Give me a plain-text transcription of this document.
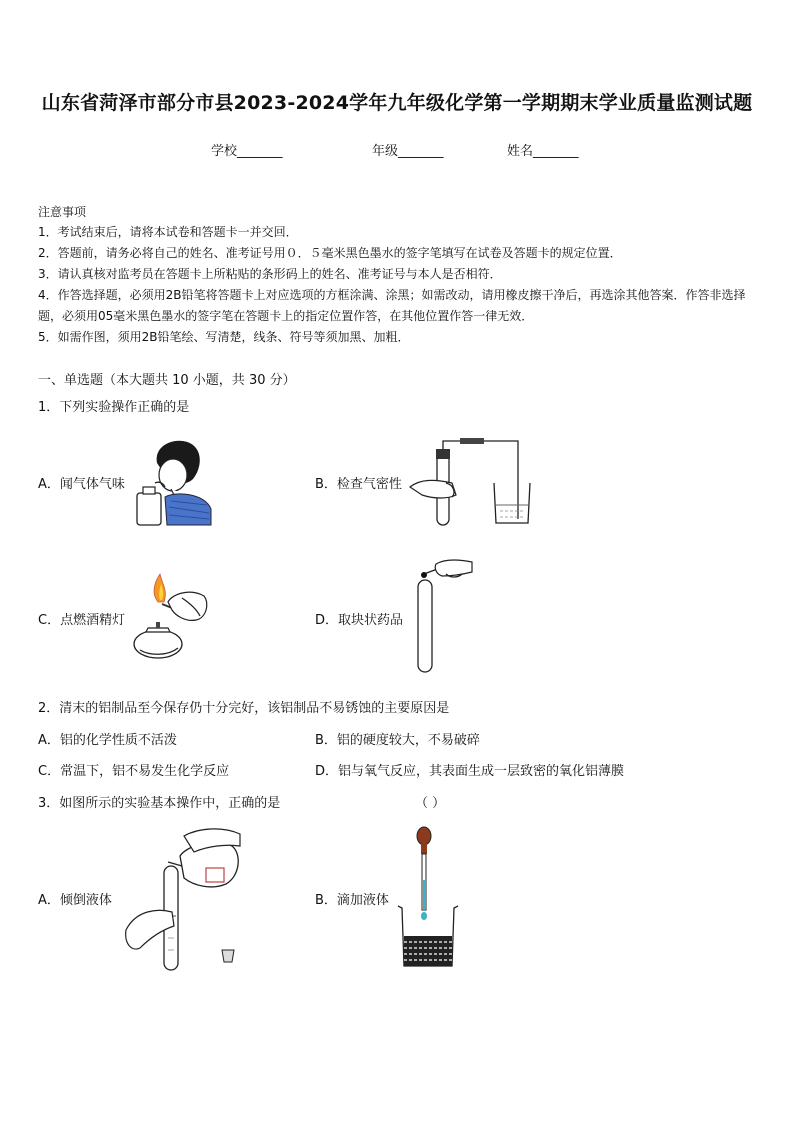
山东省菏泽市部分市县2023-2024学年九年级化学第一学期期末学业质量监测试题
学校_______	年级_______	姓名_______
注意事项
1．考试结束后，请将本试卷和答题卡一并交回．
2．答题前，请务必将自己的姓名、准考证号用０．５毫米黑色墨水的签字笔填写在试卷及答题卡的规定位置．
3．请认真核对监考员在答题卡上所粘贴的条形码上的姓名、准考证号与本人是否相符．
4．作答选择题，必须用2B铅笔将答题卡上对应选项的方框涂满、涂黑；如需改动，请用橡皮擦干净后，再选涂其他答案．作答非选择题，必须用05毫米黑色墨水的签字笔在答题卡上的指定位置作答，在其他位置作答一律无效．
5．如需作图，须用2B铅笔绘、写清楚，线条、符号等须加黑、加粗．
一、单选题（本大题共 10 小题，共 30 分）
1．下列实验操作正确的是
A．闻气体气味	B．检查气密性
C．点燃酒精灯	D．取块状药品
2．清末的铝制品至今保存仍十分完好，该铝制品不易锈蚀的主要原因是
A．铝的化学性质不活泼	B．铝的硬度较大，不易破碎
C．常温下，铝不易发生化学反应	D．铝与氧气反应，其表面生成一层致密的氧化铝薄膜
3．如图所示的实验基本操作中，正确的是	（ ）
A．倾倒液体	B．滴加液体
